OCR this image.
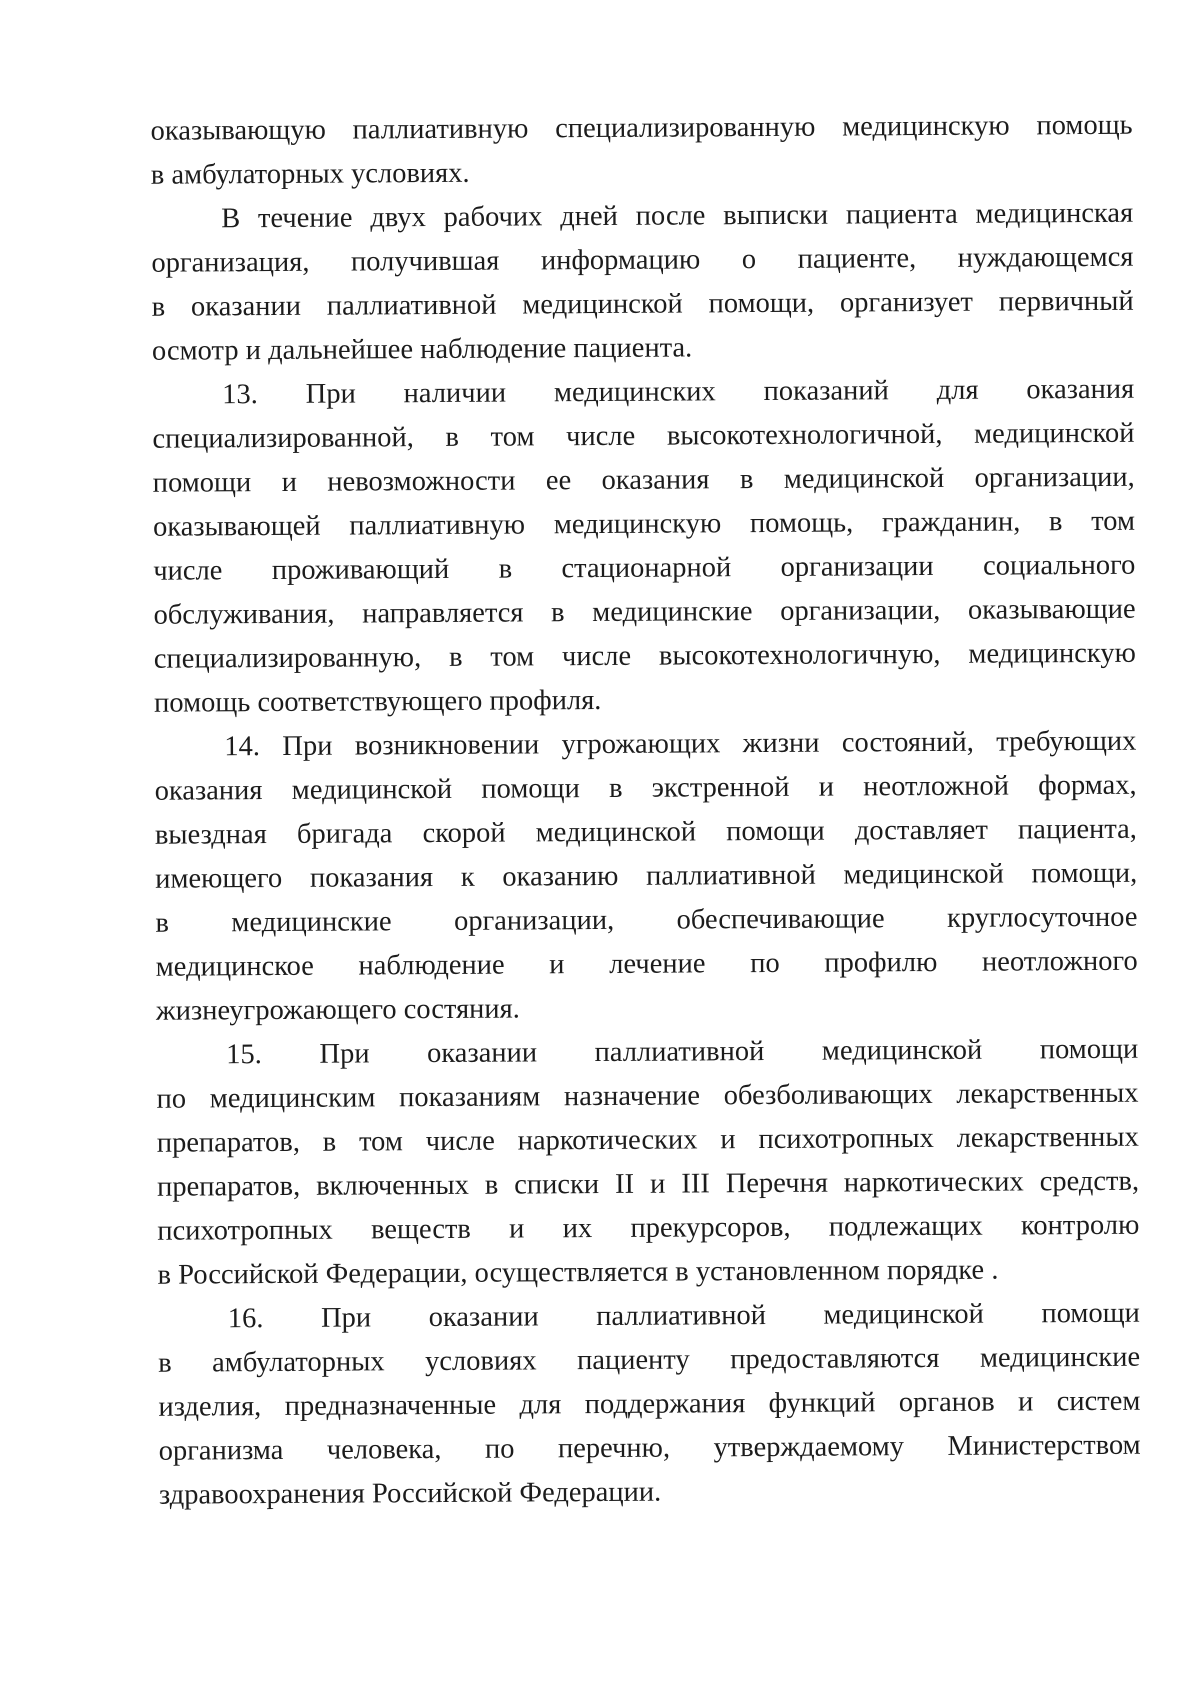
оказывающую паллиативную специализированную медицинскую помощь
в амбулаторных условиях.
В течение двух рабочих дней после выписки пациента медицинская
организация, получившая информацию о пациенте, нуждающемся
в оказании паллиативной медицинской помощи, организует первичный
осмотр и дальнейшее наблюдение пациента.
13. При наличии медицинских показаний для оказания
специализированной, в том числе высокотехнологичной, медицинской
помощи и невозможности ее оказания в медицинской организации,
оказывающей паллиативную медицинскую помощь, гражданин, в том
числе проживающий в стационарной организации социального
обслуживания, направляется в медицинские организации, оказывающие
специализированную, в том числе высокотехнологичную, медицинскую
помощь соответствующего профиля.
14. При возникновении угрожающих жизни состояний, требующих
оказания медицинской помощи в экстренной и неотложной формах,
выездная бригада скорой медицинской помощи доставляет пациента,
имеющего показания к оказанию паллиативной медицинской помощи,
в медицинские организации, обеспечивающие круглосуточное
медицинское наблюдение и лечение по профилю неотложного
жизнеугрожающего состяния.
15. При оказании паллиативной медицинской помощи
по медицинским показаниям назначение обезболивающих лекарственных
препаратов, в том числе наркотических и психотропных лекарственных
препаратов, включенных в списки II и III Перечня наркотических средств,
психотропных веществ и их прекурсоров, подлежащих контролю
в Российской Федерации, осуществляется в установленном порядке .
16. При оказании паллиативной медицинской помощи
в амбулаторных условиях пациенту предоставляются медицинские
изделия, предназначенные для поддержания функций органов и систем
организма человека, по перечню, утверждаемому Министерством
здравоохранения Российской Федерации.
